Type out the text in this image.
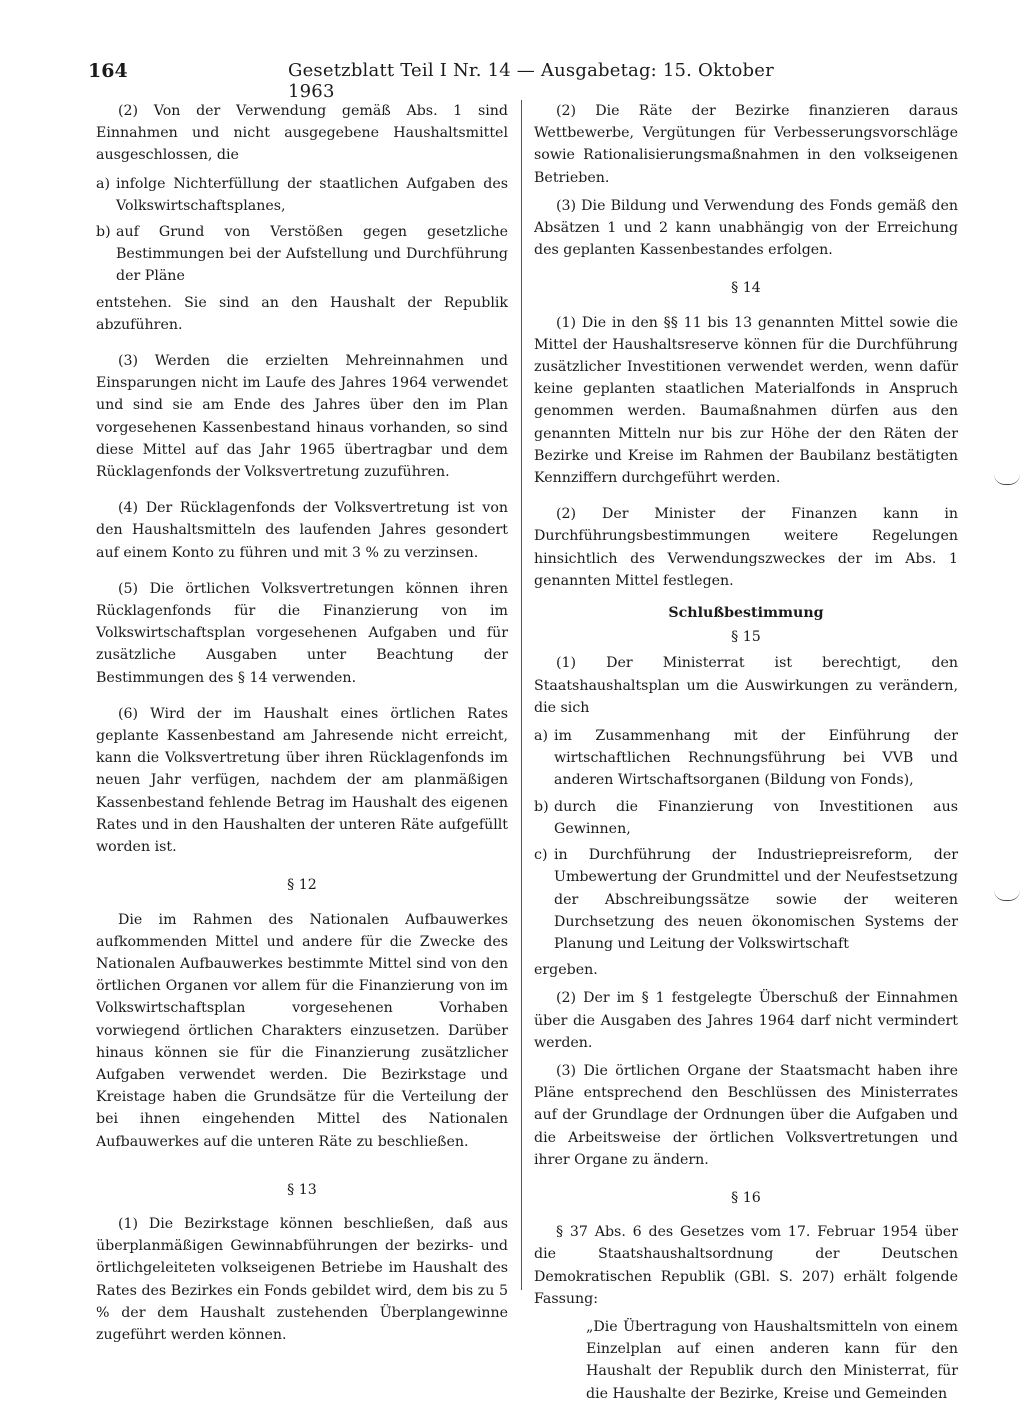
164	Gesetzblatt Teil I Nr. 14 — Ausgabetag: 15. Oktober 1963

(2) Von der Verwendung gemäß Abs. 1 sind Einnahmen und nicht ausgegebene Haushaltsmittel ausgeschlossen, die

a) infolge Nichterfüllung der staatlichen Aufgaben des Volkswirtschaftsplanes,
b) auf Grund von Verstößen gegen gesetzliche Bestimmungen bei der Aufstellung und Durchführung der Pläne

entstehen. Sie sind an den Haushalt der Republik abzuführen.

(3) Werden die erzielten Mehreinnahmen und Einsparungen nicht im Laufe des Jahres 1964 verwendet und sind sie am Ende des Jahres über den im Plan vorgesehenen Kassenbestand hinaus vorhanden, so sind diese Mittel auf das Jahr 1965 übertragbar und dem Rücklagenfonds der Volksvertretung zuzuführen.

(4) Der Rücklagenfonds der Volksvertretung ist von den Haushaltsmitteln des laufenden Jahres gesondert auf einem Konto zu führen und mit 3 % zu verzinsen.

(5) Die örtlichen Volksvertretungen können ihren Rücklagenfonds für die Finanzierung von im Volkswirtschaftsplan vorgesehenen Aufgaben und für zusätzliche Ausgaben unter Beachtung der Bestimmungen des § 14 verwenden.

(6) Wird der im Haushalt eines örtlichen Rates geplante Kassenbestand am Jahresende nicht erreicht, kann die Volksvertretung über ihren Rücklagenfonds im neuen Jahr verfügen, nachdem der am planmäßigen Kassenbestand fehlende Betrag im Haushalt des eigenen Rates und in den Haushalten der unteren Räte aufgefüllt worden ist.

§ 12

Die im Rahmen des Nationalen Aufbauwerkes aufkommenden Mittel und andere für die Zwecke des Nationalen Aufbauwerkes bestimmte Mittel sind von den örtlichen Organen vor allem für die Finanzierung von im Volkswirtschaftsplan vorgesehenen Vorhaben vorwiegend örtlichen Charakters einzusetzen. Darüber hinaus können sie für die Finanzierung zusätzlicher Aufgaben verwendet werden. Die Bezirkstage und Kreistage haben die Grundsätze für die Verteilung der bei ihnen eingehenden Mittel des Nationalen Aufbauwerkes auf die unteren Räte zu beschließen.

§ 13

(1) Die Bezirkstage können beschließen, daß aus überplanmäßigen Gewinnabführungen der bezirks- und örtlichgeleiteten volkseigenen Betriebe im Haushalt des Rates des Bezirkes ein Fonds gebildet wird, dem bis zu 5 % der dem Haushalt zustehenden Überplangewinne zugeführt werden können.

(2) Die Räte der Bezirke finanzieren daraus Wettbewerbe, Vergütungen für Verbesserungsvorschläge sowie Rationalisierungsmaßnahmen in den volkseigenen Betrieben.

(3) Die Bildung und Verwendung des Fonds gemäß den Absätzen 1 und 2 kann unabhängig von der Erreichung des geplanten Kassenbestandes erfolgen.

§ 14

(1) Die in den §§ 11 bis 13 genannten Mittel sowie die Mittel der Haushaltsreserve können für die Durchführung zusätzlicher Investitionen verwendet werden, wenn dafür keine geplanten staatlichen Materialfonds in Anspruch genommen werden. Baumaßnahmen dürfen aus den genannten Mitteln nur bis zur Höhe der den Räten der Bezirke und Kreise im Rahmen der Baubilanz bestätigten Kennziffern durchgeführt werden.

(2) Der Minister der Finanzen kann in Durchführungsbestimmungen weitere Regelungen hinsichtlich des Verwendungszweckes der im Abs. 1 genannten Mittel festlegen.

Schlußbestimmung
§ 15

(1) Der Ministerrat ist berechtigt, den Staatshaushaltsplan um die Auswirkungen zu verändern, die sich

a) im Zusammenhang mit der Einführung der wirtschaftlichen Rechnungsführung bei VVB und anderen Wirtschaftsorganen (Bildung von Fonds),
b) durch die Finanzierung von Investitionen aus Gewinnen,
c) in Durchführung der Industriepreisreform, der Umbewertung der Grundmittel und der Neufestsetzung der Abschreibungssätze sowie der weiteren Durchsetzung des neuen ökonomischen Systems der Planung und Leitung der Volkswirtschaft

ergeben.

(2) Der im § 1 festgelegte Überschuß der Einnahmen über die Ausgaben des Jahres 1964 darf nicht vermindert werden.

(3) Die örtlichen Organe der Staatsmacht haben ihre Pläne entsprechend den Beschlüssen des Ministerrates auf der Grundlage der Ordnungen über die Aufgaben und die Arbeitsweise der örtlichen Volksvertretungen und ihrer Organe zu ändern.

§ 16

§ 37 Abs. 6 des Gesetzes vom 17. Februar 1954 über die Staatshaushaltsordnung der Deutschen Demokratischen Republik (GBl. S. 207) erhält folgende Fassung:

„Die Übertragung von Haushaltsmitteln von einem Einzelplan auf einen anderen kann für den Haushalt der Republik durch den Ministerrat, für die Haushalte der Bezirke, Kreise und Gemeinden
